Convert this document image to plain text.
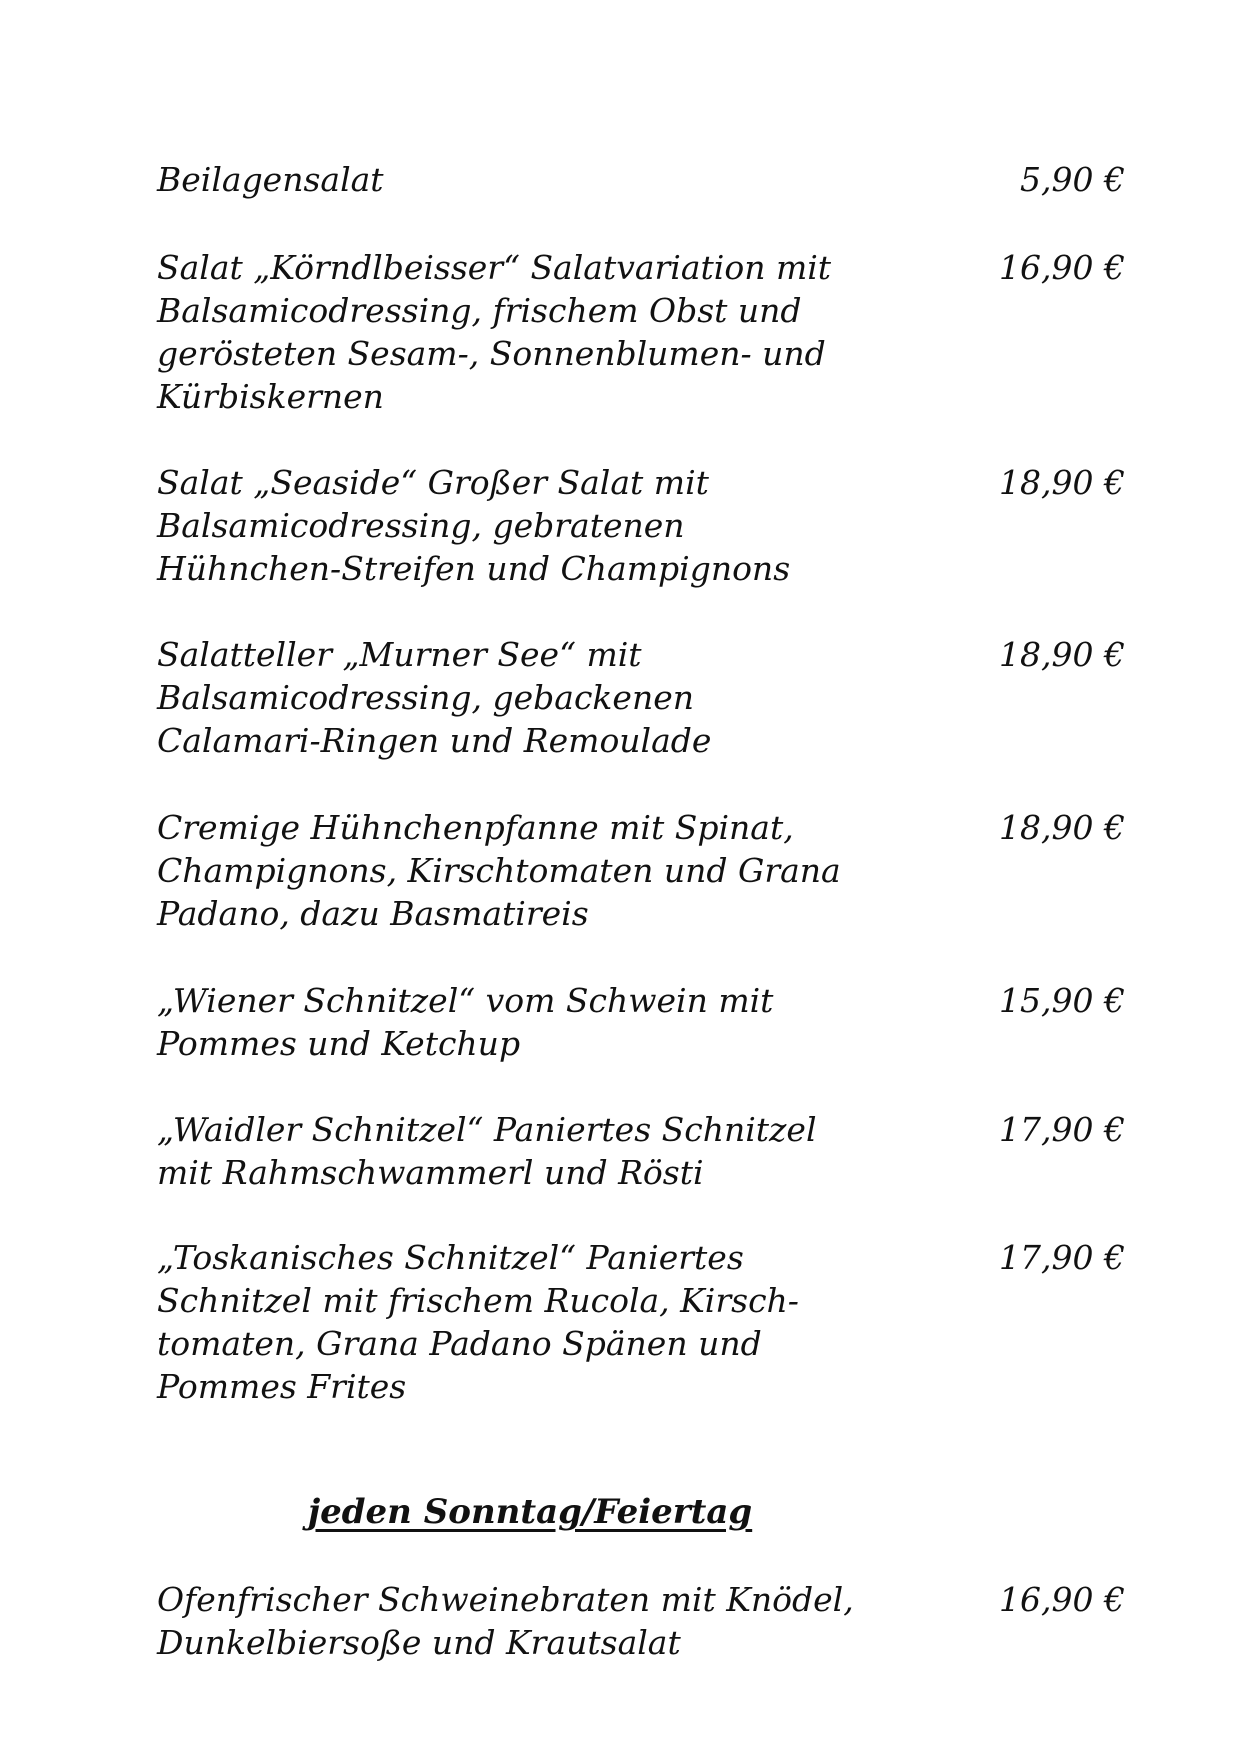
Beilagensalat	5,90 €
Salat „Körndlbeisser“ Salatvariation mit
Balsamicodressing, frischem Obst und
gerösteten Sesam-, Sonnenblumen- und
Kürbiskernen
16,90 €
Salat „Seaside“ Großer Salat mit
Balsamicodressing, gebratenen
Hühnchen-Streifen und Champignons
18,90 €
Salatteller „Murner See“ mit
Balsamicodressing, gebackenen
Calamari-Ringen und Remoulade
18,90 €
Cremige Hühnchenpfanne mit Spinat,
Champignons, Kirschtomaten und Grana
Padano, dazu Basmatireis
18,90 €
„Wiener Schnitzel“ vom Schwein mit
Pommes und Ketchup
15,90 €
„Waidler Schnitzel“ Paniertes Schnitzel
mit Rahmschwammerl und Rösti
17,90 €
„Toskanisches Schnitzel“ Paniertes
Schnitzel mit frischem Rucola, Kirsch-
tomaten, Grana Padano Spänen und
Pommes Frites
17,90 €
jeden Sonntag/Feiertag
Ofenfrischer Schweinebraten mit Knödel,
Dunkelbiersoße und Krautsalat
16,90 €
